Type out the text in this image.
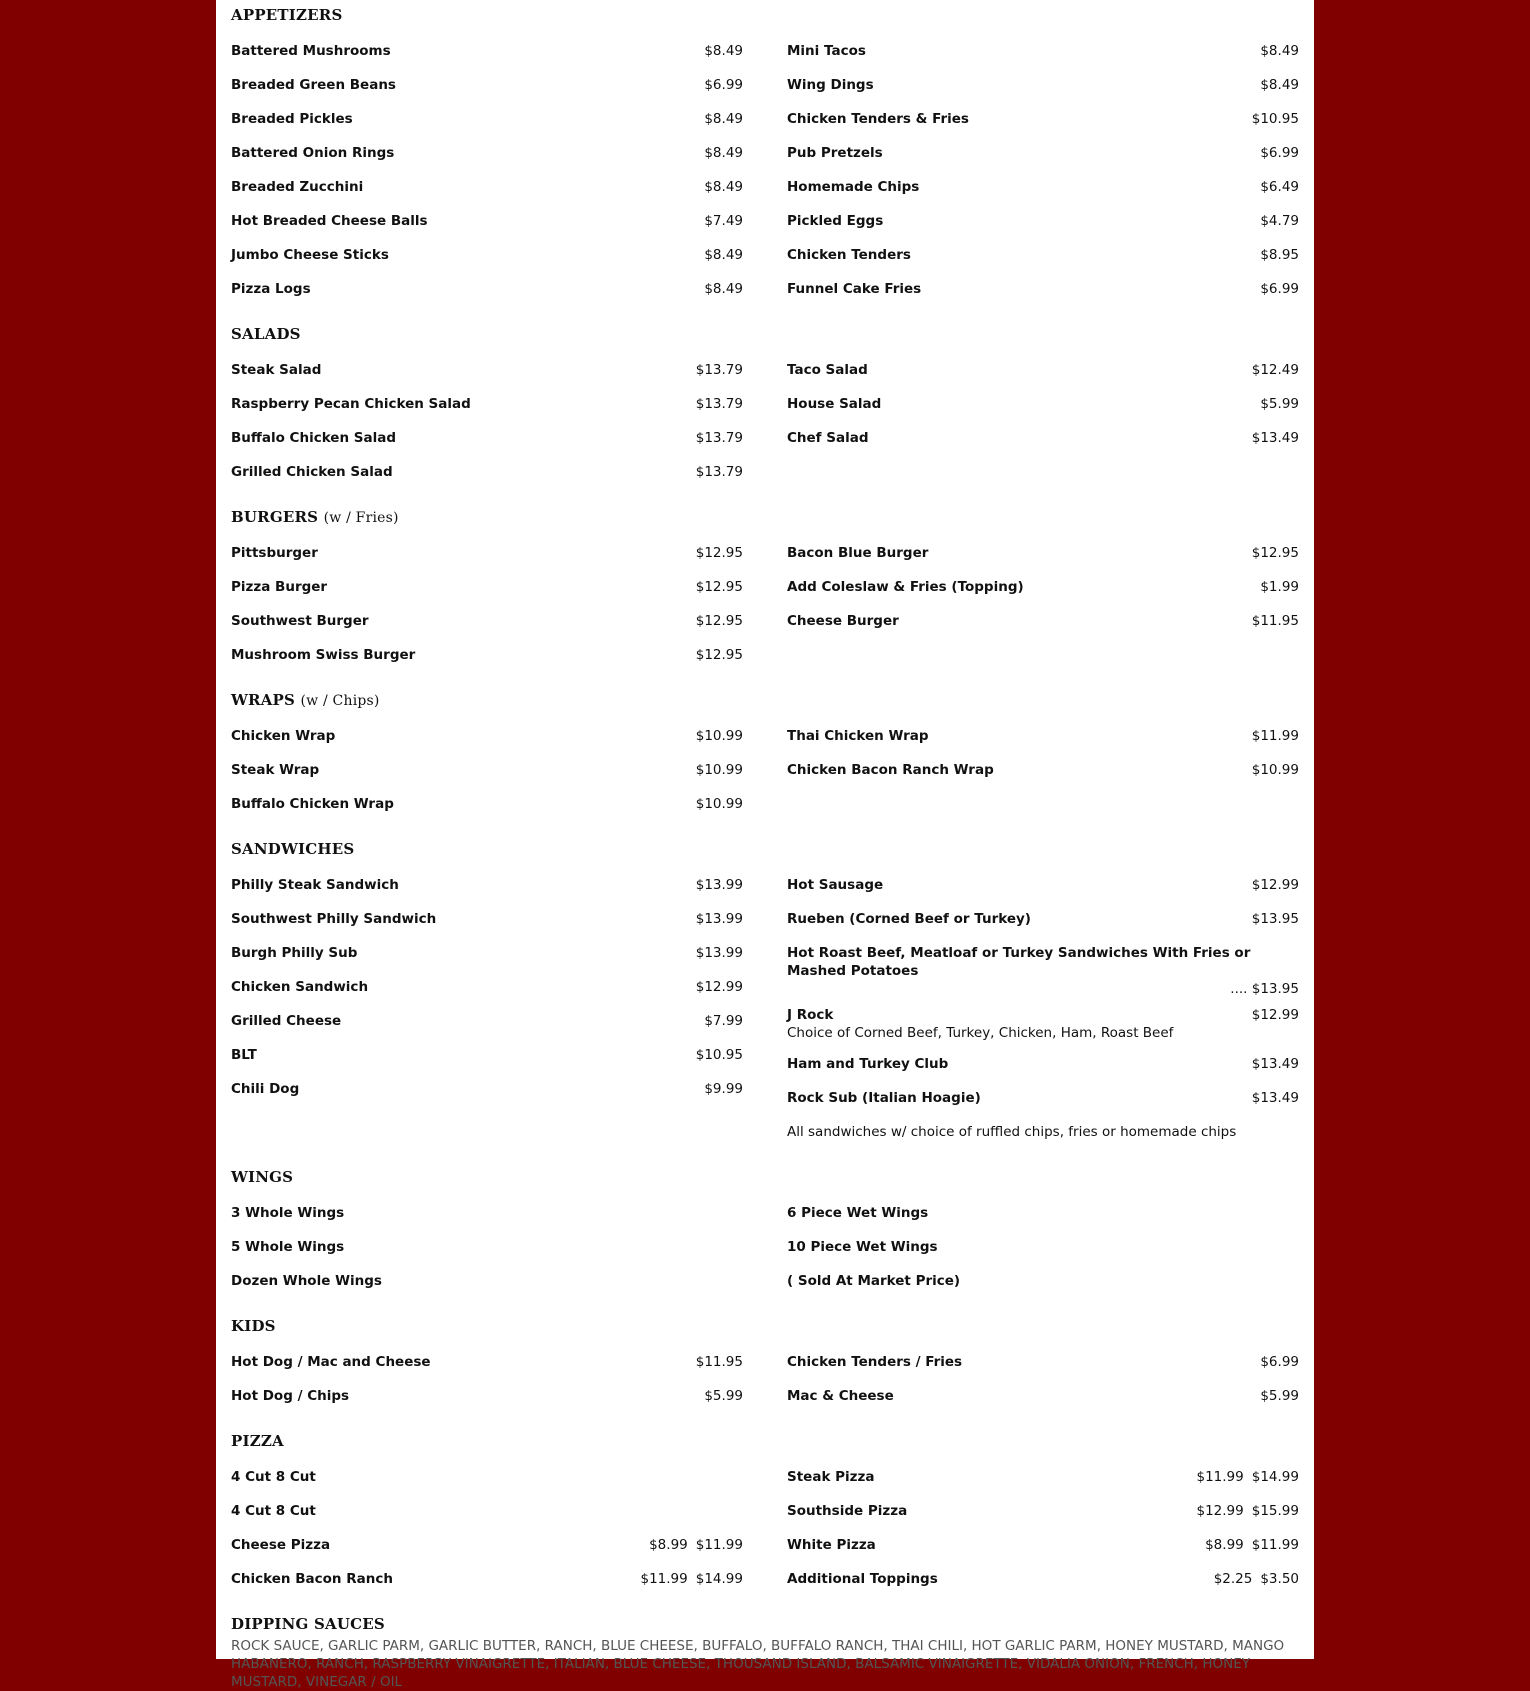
APPETIZERS
Battered Mushrooms	$8.49
Breaded Green Beans	$6.99
Breaded Pickles	$8.49
Battered Onion Rings	$8.49
Breaded Zucchini	$8.49
Hot Breaded Cheese Balls	$7.49
Jumbo Cheese Sticks	$8.49
Pizza Logs	$8.49
Mini Tacos	$8.49
Wing Dings	$8.49
Chicken Tenders & Fries	$10.95
Pub Pretzels	$6.99
Homemade Chips	$6.49
Pickled Eggs	$4.79
Chicken Tenders	$8.95
Funnel Cake Fries	$6.99
SALADS
Steak Salad	$13.79
Raspberry Pecan Chicken Salad	$13.79
Buffalo Chicken Salad	$13.79
Grilled Chicken Salad	$13.79
Taco Salad	$12.49
House Salad	$5.99
Chef Salad	$13.49
BURGERS (w / Fries)
Pittsburger	$12.95
Pizza Burger	$12.95
Southwest Burger	$12.95
Mushroom Swiss Burger	$12.95
Bacon Blue Burger	$12.95
Add Coleslaw & Fries (Topping)	$1.99
Cheese Burger	$11.95
WRAPS (w / Chips)
Chicken Wrap	$10.99
Steak Wrap	$10.99
Buffalo Chicken Wrap	$10.99
Thai Chicken Wrap	$11.99
Chicken Bacon Ranch Wrap	$10.99
SANDWICHES
Philly Steak Sandwich	$13.99
Southwest Philly Sandwich	$13.99
Burgh Philly Sub	$13.99
Chicken Sandwich	$12.99
Grilled Cheese	$7.99
BLT	$10.95
Chili Dog	$9.99
Hot Sausage	$12.99
Rueben (Corned Beef or Turkey)	$13.95
Hot Roast Beef, Meatloaf or Turkey Sandwiches With Fries or Mashed Potatoes
.... $13.95
J Rock	$12.99
Choice of Corned Beef, Turkey, Chicken, Ham, Roast Beef
Ham and Turkey Club	$13.49
Rock Sub (Italian Hoagie)	$13.49
All sandwiches w/ choice of ruffled chips, fries or homemade chips
WINGS
3 Whole Wings
5 Whole Wings
Dozen Whole Wings
6 Piece Wet Wings
10 Piece Wet Wings
( Sold At Market Price)
KIDS
Hot Dog / Mac and Cheese	$11.95
Hot Dog / Chips	$5.99
Chicken Tenders / Fries	$6.99
Mac & Cheese	$5.99
PIZZA
4 Cut 8 Cut
4 Cut 8 Cut
Cheese Pizza	$8.99 $11.99
Chicken Bacon Ranch	$11.99 $14.99
Steak Pizza	$11.99 $14.99
Southside Pizza	$12.99 $15.99
White Pizza	$8.99 $11.99
Additional Toppings	$2.25 $3.50
DIPPING SAUCES
ROCK SAUCE, GARLIC PARM, GARLIC BUTTER, RANCH, BLUE CHEESE, BUFFALO, BUFFALO RANCH, THAI CHILI, HOT GARLIC PARM, HONEY MUSTARD, MANGO HABANERO, RANCH, RASPBERRY VINAIGRETTE, ITALIAN, BLUE CHEESE, THOUSAND ISLAND, BALSAMIC VINAIGRETTE, VIDALIA ONION, FRENCH, HONEY MUSTARD, VINEGAR / OIL
